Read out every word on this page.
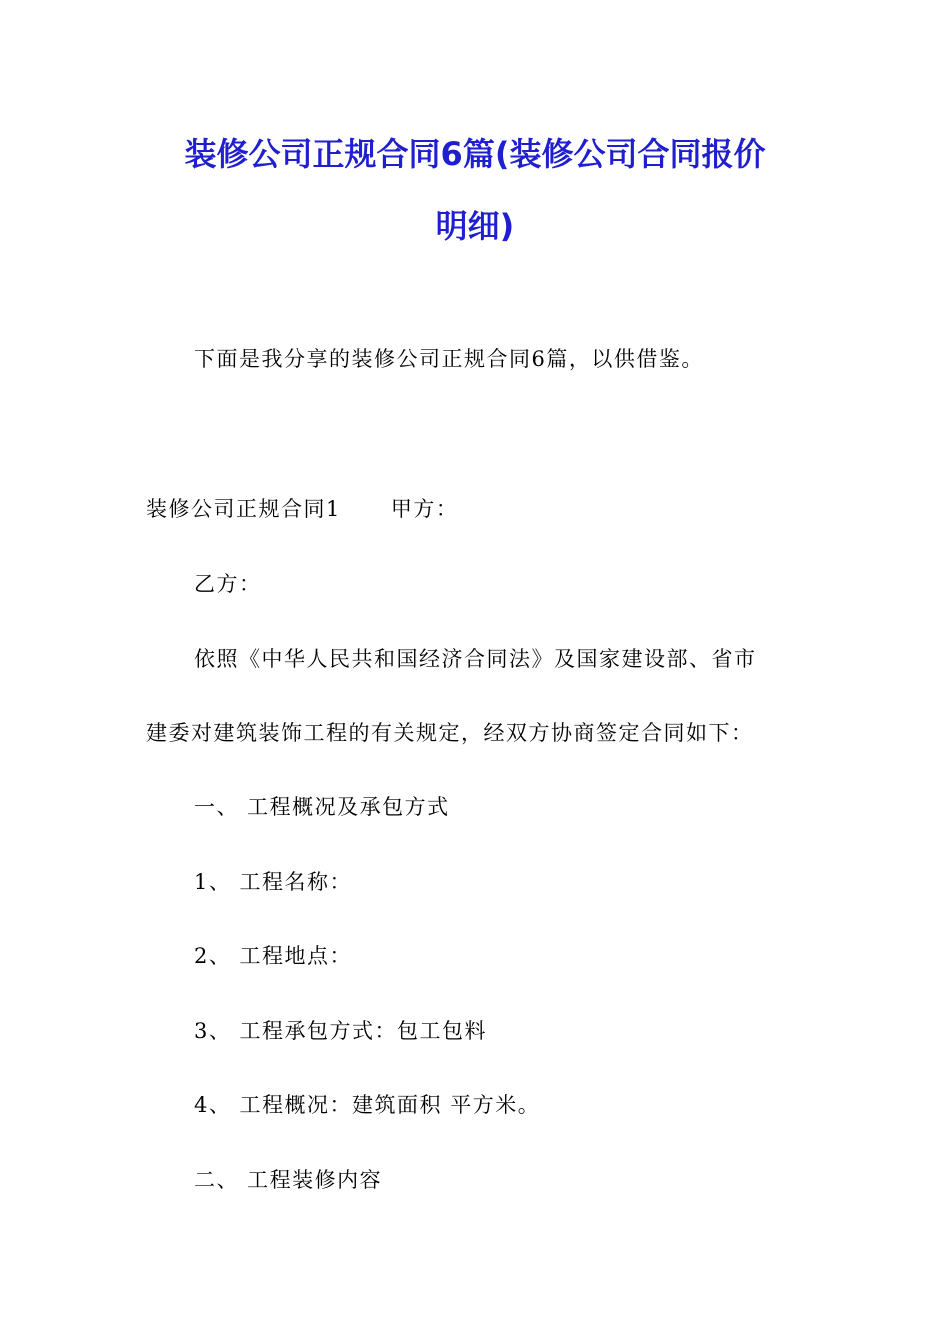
装修公司正规合同6篇(装修公司合同报价
明细)
下面是我分享的装修公司正规合同6篇，以供借鉴。
装修公司正规合同1 甲方：
乙方：
依照《中华人民共和国经济合同法》及国家建设部、省市
建委对建筑装饰工程的有关规定，经双方协商签定合同如下：
一、 工程概况及承包方式
1、 工程名称：
2、 工程地点：
3、 工程承包方式：包工包料
4、 工程概况：建筑面积 平方米。
二、 工程装修内容
